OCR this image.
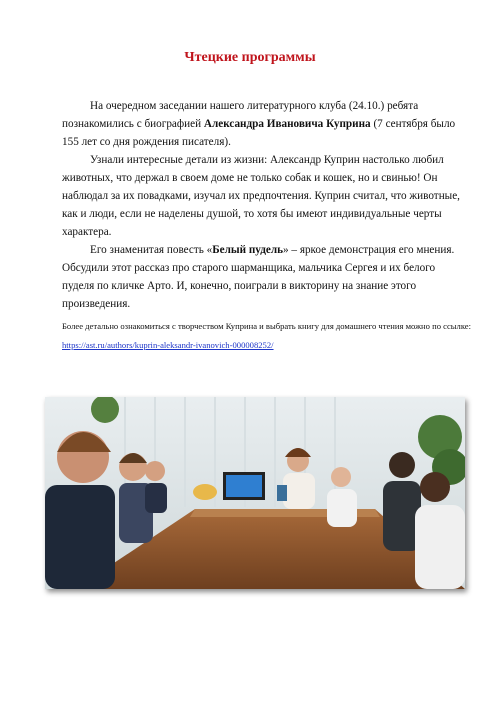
Чтецкие программы
На очередном заседании нашего литературного клуба (24.10.) ребята познакомились с биографией Александра Ивановича Куприна (7 сентября было 155 лет со дня рождения писателя).
Узнали интересные детали из жизни: Александр Куприн настолько любил животных, что держал в своем доме не только собак и кошек, но и свинью! Он наблюдал за их повадками, изучал их предпочтения. Куприн считал, что животные, как и люди, если не наделены душой, то хотя бы имеют индивидуальные черты характера.
Его знаменитая повесть «Белый пудель» – яркое демонстрация его мнения. Обсудили этот рассказ про старого шарманщика, мальчика Сергея и их белого пуделя по кличке Арто. И, конечно, поиграли в викторину на знание этого произведения.
Более детально ознакомиться с творчеством Куприна и выбрать книгу для домашнего чтения можно по ссылке: https://ast.ru/authors/kuprin-aleksandr-ivanovich-000008252/
